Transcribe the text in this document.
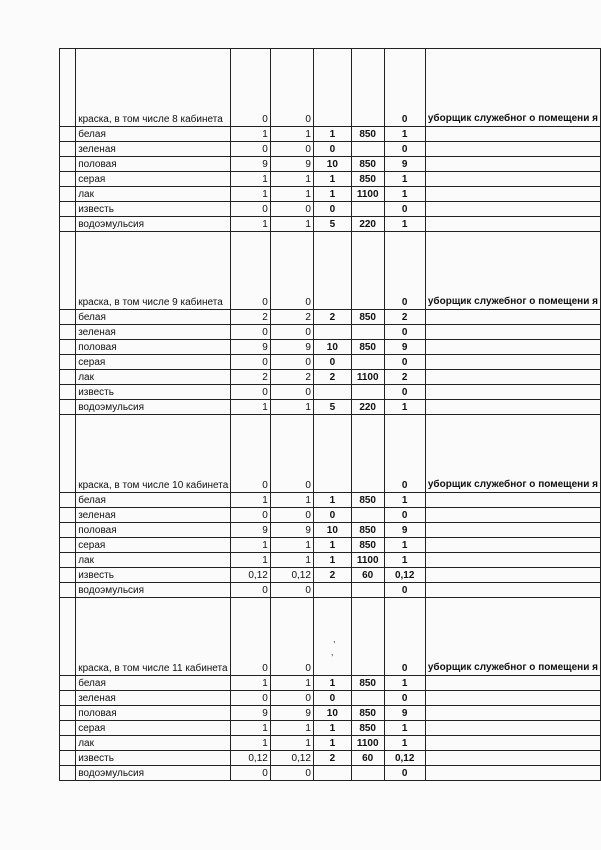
	краска, в том числе 8 кабинета	0	0			0	уборщик служебног о помещени я
	белая	1	1	1	850	1	
	зеленая	0	0	0		0	
	половая	9	9	10	850	9	
	серая	1	1	1	850	1	
	лак	1	1	1	1100	1	
	известь	0	0	0		0	
	водоэмульсия	1	1	5	220	1	
	краска, в том числе 9 кабинета	0	0			0	уборщик служебног о помещени я
	белая	2	2	2	850	2	
	зеленая	0	0			0	
	половая	9	9	10	850	9	
	серая	0	0	0		0	
	лак	2	2	2	1100	2	
	известь	0	0			0	
	водоэмульсия	1	1	5	220	1	
	краска, в том числе 10 кабинета	0	0			0	уборщик служебног о помещени я
	белая	1	1	1	850	1	
	зеленая	0	0	0		0	
	половая	9	9	10	850	9	
	серая	1	1	1	850	1	
	лак	1	1	1	1100	1	
	известь	0,12	0,12	2	60	0,12	
	водоэмульсия	0	0			0	
	краска, в том числе 11 кабинета	0	0			0	уборщик служебног о помещени я
	белая	1	1	1	850	1	
	зеленая	0	0	0		0	
	половая	9	9	10	850	9	
	серая	1	1	1	850	1	
	лак	1	1	1	1100	1	
	известь	0,12	0,12	2	60	0,12	
	водоэмульсия	0	0			0	
,
,
